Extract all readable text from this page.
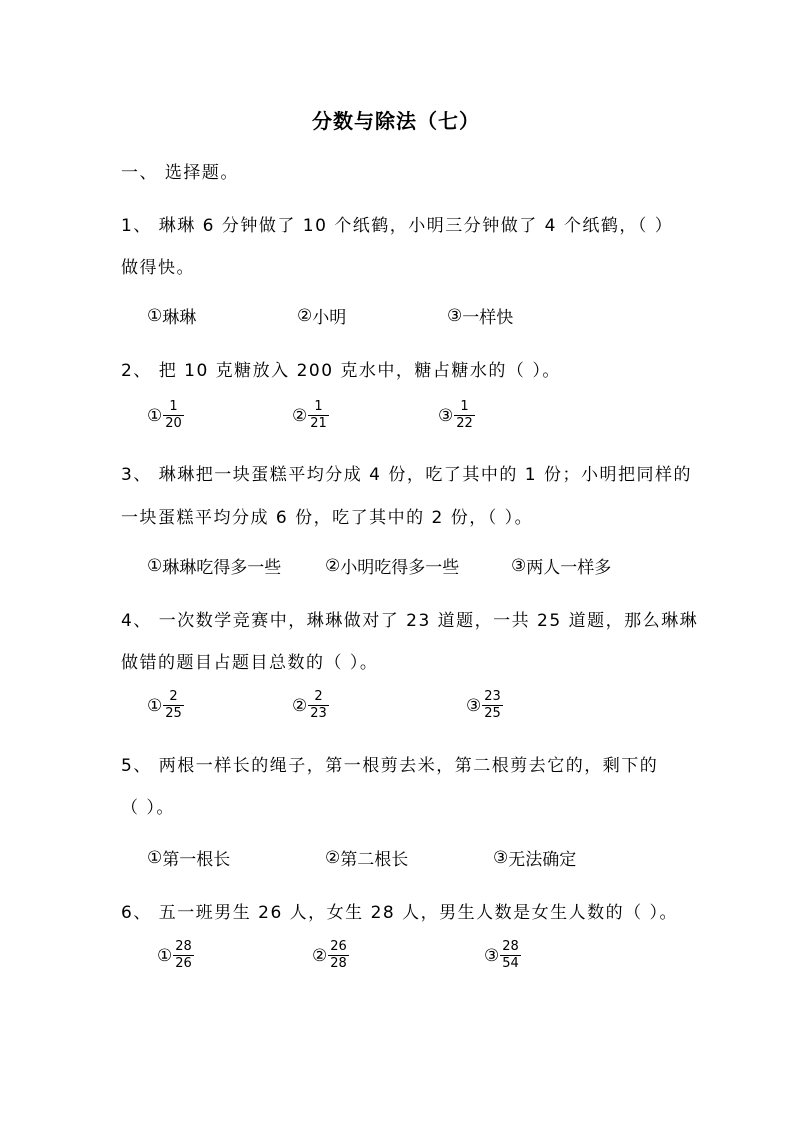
分数与除法（七）
一、 选择题。
1、 琳琳 6 分钟做了 10 个纸鹤，小明三分钟做了 4 个纸鹤，（ ）
做得快。
① 琳琳	② 小明	③ 一样快
2、 把 10 克糖放入 200 克水中，糖占糖水的（ ）。
① $\frac{1}{20}$	② $\frac{1}{21}$	③ $\frac{1}{22}$
3、 琳琳把一块蛋糕平均分成 4 份，吃了其中的 1 份；小明把同样的
一块蛋糕平均分成 6 份，吃了其中的 2 份，（ ）。
① 琳琳吃得多一些	② 小明吃得多一些	③ 两人一样多
4、 一次数学竞赛中，琳琳做对了 23 道题，一共 25 道题，那么琳琳
做错的题目占题目总数的（ ）。
① $\frac{2}{25}$	② $\frac{2}{23}$	③ $\frac{23}{25}$
5、 两根一样长的绳子，第一根剪去米，第二根剪去它的，剩下的
（ ）。
① 第一根长	② 第二根长	③ 无法确定
6、 五一班男生 26 人，女生 28 人，男生人数是女生人数的（ ）。
① $\frac{28}{26}$	② $\frac{26}{28}$	③ $\frac{28}{54}$
